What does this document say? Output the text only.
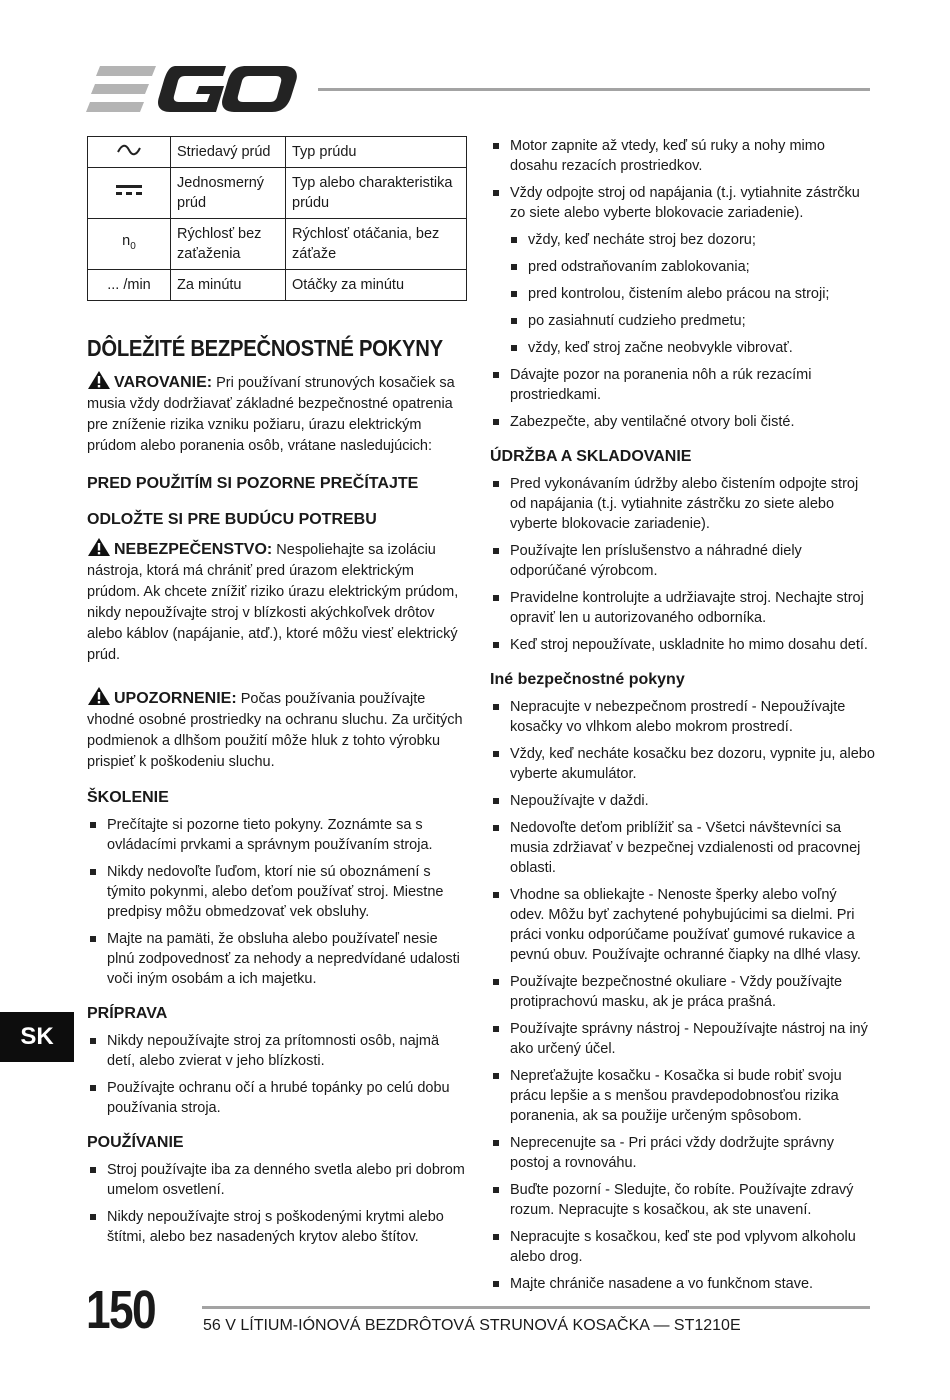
	Striedavý prúd	Typ prúdu
	Jednosmerný prúd	Typ alebo charakteristika prúdu
$n_0$	Rýchlosť bez zaťaženia	Rýchlosť otáčania, bez záťaže
... /min	Za minútu	Otáčky za minútu
DÔLEŽITÉ BEZPEČNOSTNÉ POKYNY

VAROVANIE: Pri používaní strunových kosačiek sa musia vždy dodržiavať základné bezpečnostné opatrenia pre zníženie rizika vzniku požiaru, úrazu elektrickým prúdom alebo poranenia osôb, vrátane nasledujúcich:

PRED POUŽITÍM SI POZORNE PREČÍTAJTE
ODLOŽTE SI PRE BUDÚCU POTREBU

NEBEZPEČENSTVO: Nespoliehajte sa izoláciu nástroja, ktorá má chrániť pred úrazom elektrickým prúdom. Ak chcete znížiť riziko úrazu elektrickým prúdom, nikdy nepoužívajte stroj v blízkosti akýchkoľvek drôtov alebo káblov (napájanie, atď.), ktoré môžu viesť elektrický prúd.

UPOZORNENIE: Počas používania používajte vhodné osobné prostriedky na ochranu sluchu. Za určitých podmienok a dlhšom použití môže hluk z tohto výrobku prispieť k poškodeniu sluchu.

ŠKOLENIE
Prečítajte si pozorne tieto pokyny. Zoznámte sa s ovládacími prvkami a správnym používaním stroja.
Nikdy nedovoľte ľuďom, ktorí nie sú oboznámení s týmito pokynmi, alebo deťom používať stroj. Miestne predpisy môžu obmedzovať vek obsluhy.
Majte na pamäti, že obsluha alebo používateľ nesie plnú zodpovednosť za nehody a nepredvídané udalosti voči iným osobám a ich majetku.
PRÍPRAVA
Nikdy nepoužívajte stroj za prítomnosti osôb, najmä detí, alebo zvierat v jeho blízkosti.
Používajte ochranu očí a hrubé topánky po celú dobu používania stroja.
POUŽÍVANIE
Stroj používajte iba za denného svetla alebo pri dobrom umelom osvetlení.
Nikdy nepoužívajte stroj s poškodenými krytmi alebo štítmi, alebo bez nasadených krytov alebo štítov.
Motor zapnite až vtedy, keď sú ruky a nohy mimo dosahu rezacích prostriedkov.
Vždy odpojte stroj od napájania (t.j. vytiahnite zástrčku zo siete alebo vyberte blokovacie zariadenie).
vždy, keď necháte stroj bez dozoru;
pred odstraňovaním zablokovania;
pred kontrolou, čistením alebo prácou na stroji;
po zasiahnutí cudzieho predmetu;
vždy, keď stroj začne neobvykle vibrovať.
Dávajte pozor na poranenia nôh a rúk rezacími prostriedkami.
Zabezpečte, aby ventilačné otvory boli čisté.
ÚDRŽBA A SKLADOVANIE
Pred vykonávaním údržby alebo čistením odpojte stroj od napájania (t.j. vytiahnite zástrčku zo siete alebo vyberte blokovacie zariadenie).
Používajte len príslušenstvo a náhradné diely odporúčané výrobcom.
Pravidelne kontrolujte a udržiavajte stroj. Nechajte stroj opraviť len u autorizovaného odborníka.
Keď stroj nepoužívate, uskladnite ho mimo dosahu detí.
Iné bezpečnostné pokyny
Nepracujte v nebezpečnom prostredí - Nepoužívajte kosačky vo vlhkom alebo mokrom prostredí.
Vždy, keď necháte kosačku bez dozoru, vypnite ju, alebo vyberte akumulátor.
Nepoužívajte v daždi.
Nedovoľte deťom priblížiť sa - Všetci návštevníci sa musia zdržiavať v bezpečnej vzdialenosti od pracovnej oblasti.
Vhodne sa obliekajte - Nenoste šperky alebo voľný odev. Môžu byť zachytené pohybujúcimi sa dielmi. Pri práci vonku odporúčame používať gumové rukavice a pevnú obuv. Používajte ochranné čiapky na dlhé vlasy.
Používajte bezpečnostné okuliare - Vždy používajte protiprachovú masku, ak je práca prašná.
Používajte správny nástroj - Nepoužívajte nástroj na iný ako určený účel.
Nepreťažujte kosačku - Kosačka si bude robiť svoju prácu lepšie a s menšou pravdepodobnosťou rizika poranenia, ak sa použije určeným spôsobom.
Neprecenujte sa - Pri práci vždy dodržujte správny postoj a rovnováhu.
Buďte pozorní - Sledujte, čo robíte. Používajte zdravý rozum. Nepracujte s kosačkou, ak ste unavení.
Nepracujte s kosačkou, keď ste pod vplyvom alkoholu alebo drog.
Majte chrániče nasadene a vo funkčnom stave.
SK
150	56 V LÍTIUM-IÓNOVÁ BEZDRÔTOVÁ STRUNOVÁ KOSAČKA — ST1210E
